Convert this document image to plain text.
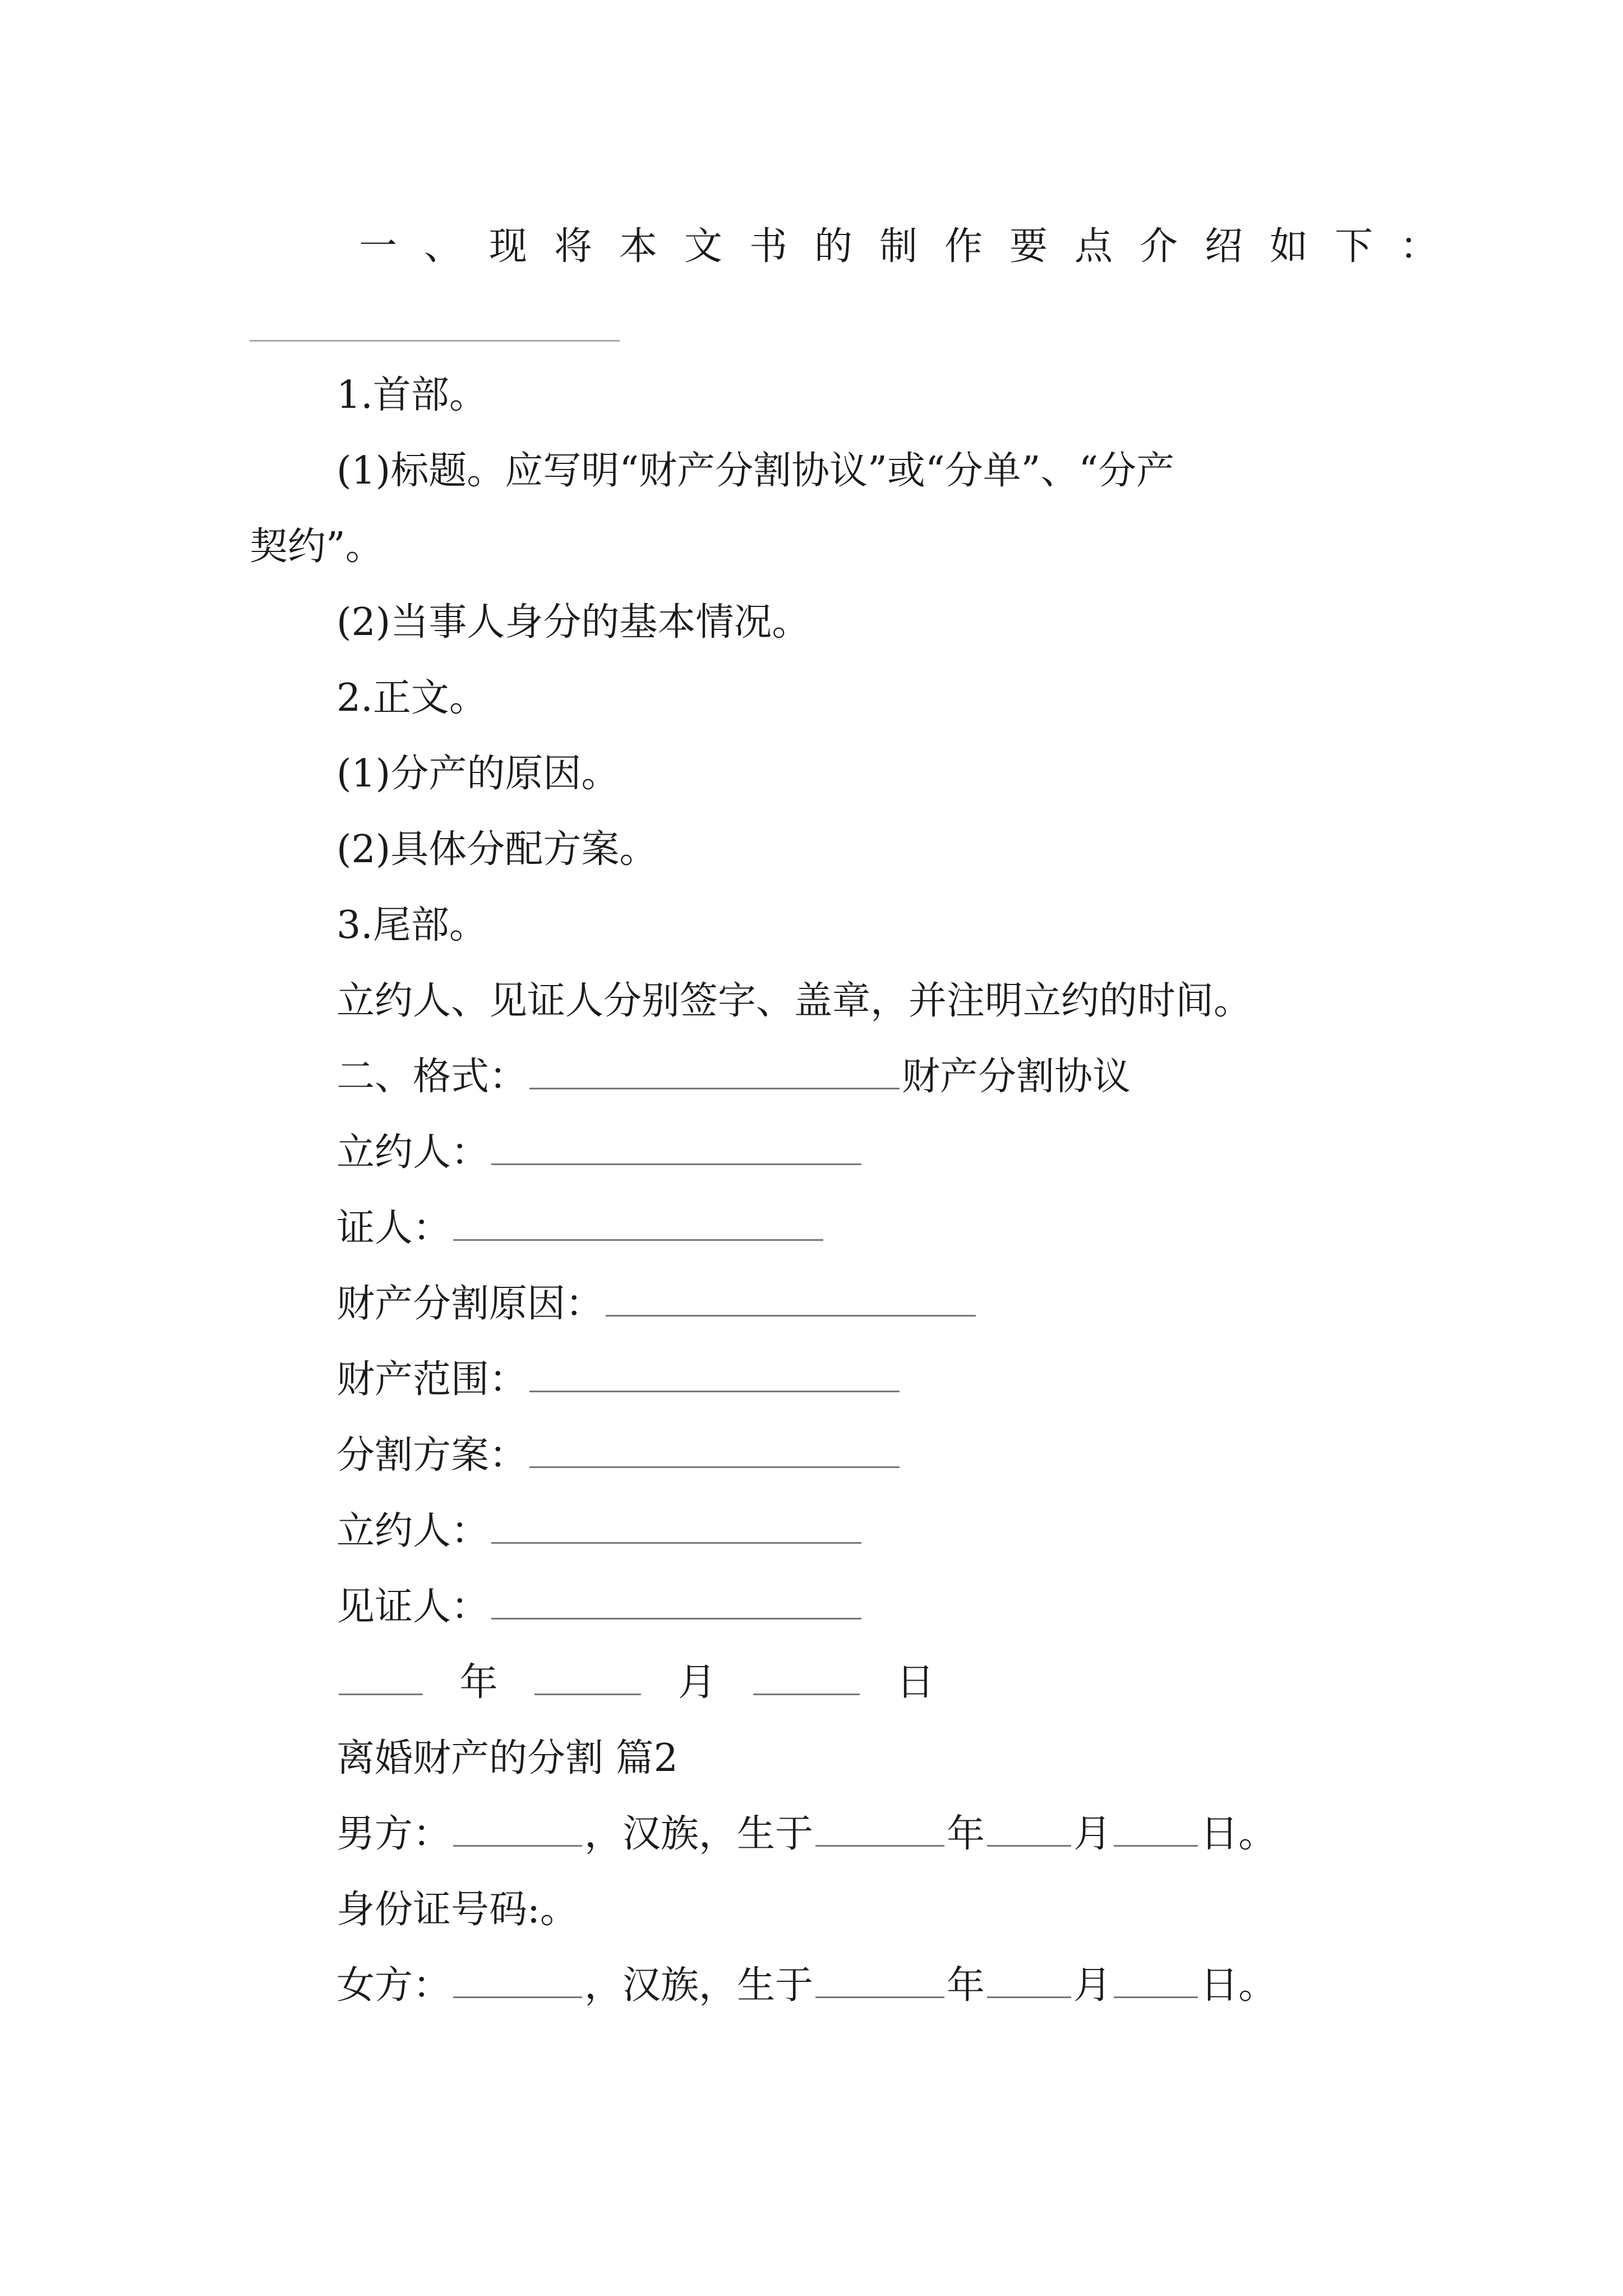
一、现将本文书的制作要点介绍如下：
1.首部。
(1)标题。应写明“财产分割协议”或“分单”、“分产
契约”。
(2)当事人身分的基本情况。
2.正文。
(1)分产的原因。
(2)具体分配方案。
3.尾部。
立约人、见证人分别签字、盖章，并注明立约的时间。
二、格式：	财产分割协议
立约人：
证人：
财产分割原因：
财产范围：
分割方案：
立约人：
见证人：
年	月	日
离婚财产的分割 篇2
男方：	，汉族，生于	年 月 日。
身份证号码:。
女方：	，汉族，生于	年 月 日。
